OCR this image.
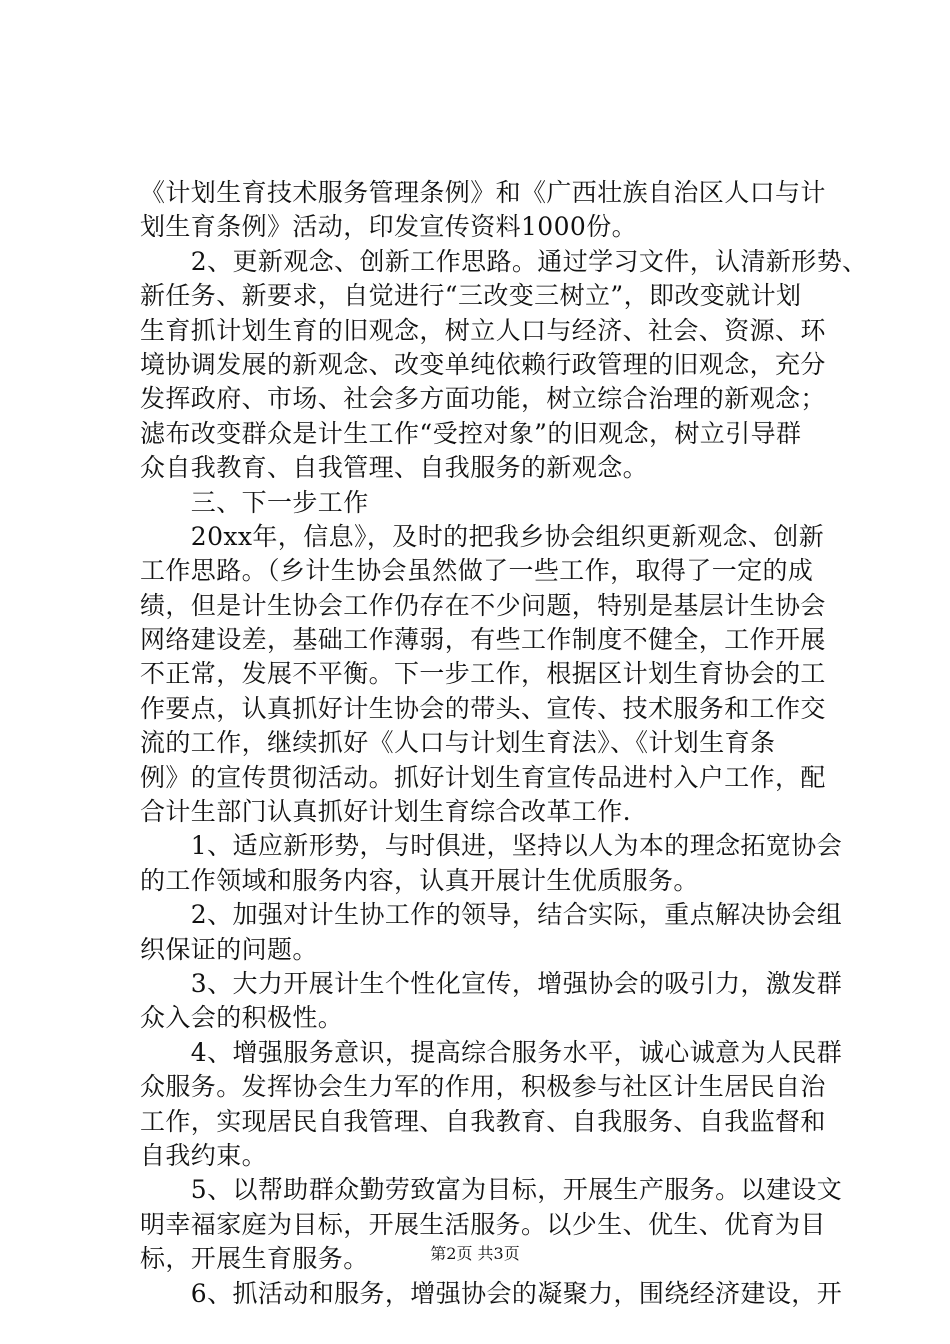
《计划生育技术服务管理条例》和《广西壮族自治区人口与计
划生育条例》活动，印发宣传资料1000份。
　　2、更新观念、创新工作思路。通过学习文件，认清新形势、
新任务、新要求，自觉进行“三改变三树立”，即改变就计划
生育抓计划生育的旧观念，树立人口与经济、社会、资源、环
境协调发展的新观念、改变单纯依赖行政管理的旧观念，充分
发挥政府、市场、社会多方面功能，树立综合治理的新观念；
滤布改变群众是计生工作“受控对象”的旧观念，树立引导群
众自我教育、自我管理、自我服务的新观念。
　　三、下一步工作
　　20xx年，信息》，及时的把我乡协会组织更新观念、创新
工作思路。（乡计生协会虽然做了一些工作，取得了一定的成
绩，但是计生协会工作仍存在不少问题，特别是基层计生协会
网络建设差，基础工作薄弱，有些工作制度不健全，工作开展
不正常，发展不平衡。下一步工作，根据区计划生育协会的工
作要点，认真抓好计生协会的带头、宣传、技术服务和工作交
流的工作，继续抓好《人口与计划生育法》、《计划生育条
例》的宣传贯彻活动。抓好计划生育宣传品进村入户工作，配
合计生部门认真抓好计划生育综合改革工作.
　　1、适应新形势，与时俱进，坚持以人为本的理念拓宽协会
的工作领域和服务内容，认真开展计生优质服务。
　　2、加强对计生协工作的领导，结合实际，重点解决协会组
织保证的问题。
　　3、大力开展计生个性化宣传，增强协会的吸引力，激发群
众入会的积极性。
　　4、增强服务意识，提高综合服务水平，诚心诚意为人民群
众服务。发挥协会生力军的作用，积极参与社区计生居民自治
工作，实现居民自我管理、自我教育、自我服务、自我监督和
自我约束。
　　5、以帮助群众勤劳致富为目标，开展生产服务。以建设文
明幸福家庭为目标，开展生活服务。以少生、优生、优育为目
标，开展生育服务。
　　6、抓活动和服务，增强协会的凝聚力，围绕经济建设，开
第2页 共3页
